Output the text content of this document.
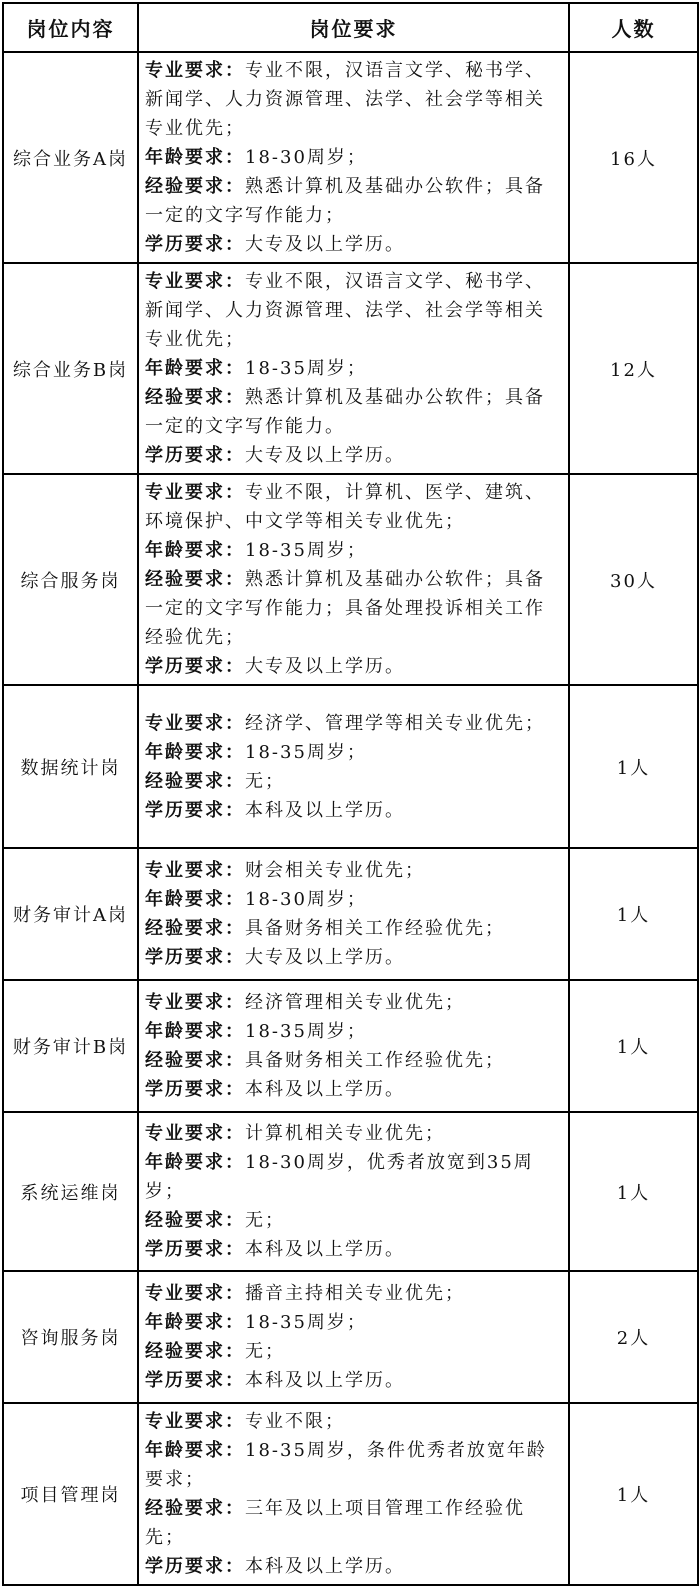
岗位内容	岗位要求	人数
综合业务A岗	专业要求：专业不限，汉语言文学、秘书学、新闻学、人力资源管理、法学、社会学等相关专业优先；
年龄要求：18-30周岁；
经验要求：熟悉计算机及基础办公软件；具备一定的文字写作能力；
学历要求：大专及以上学历。	16人
综合业务B岗	专业要求：专业不限，汉语言文学、秘书学、新闻学、人力资源管理、法学、社会学等相关专业优先；
年龄要求：18-35周岁；
经验要求：熟悉计算机及基础办公软件；具备一定的文字写作能力。
学历要求：大专及以上学历。	12人
综合服务岗	专业要求：专业不限，计算机、医学、建筑、环境保护、中文学等相关专业优先；
年龄要求：18-35周岁；
经验要求：熟悉计算机及基础办公软件；具备一定的文字写作能力；具备处理投诉相关工作经验优先；
学历要求：大专及以上学历。	30人
数据统计岗	专业要求：经济学、管理学等相关专业优先；
年龄要求：18-35周岁；
经验要求：无；
学历要求：本科及以上学历。	1人
财务审计A岗	专业要求：财会相关专业优先；
年龄要求：18-30周岁；
经验要求：具备财务相关工作经验优先；
学历要求：大专及以上学历。	1人
财务审计B岗	专业要求：经济管理相关专业优先；
年龄要求：18-35周岁；
经验要求：具备财务相关工作经验优先；
学历要求：本科及以上学历。	1人
系统运维岗	专业要求：计算机相关专业优先；
年龄要求：18-30周岁，优秀者放宽到35周岁；
经验要求：无；
学历要求：本科及以上学历。	1人
咨询服务岗	专业要求：播音主持相关专业优先；
年龄要求：18-35周岁；
经验要求：无；
学历要求：本科及以上学历。	2人
项目管理岗	专业要求：专业不限；
年龄要求：18-35周岁，条件优秀者放宽年龄要求；
经验要求：三年及以上项目管理工作经验优先；
学历要求：本科及以上学历。	1人
